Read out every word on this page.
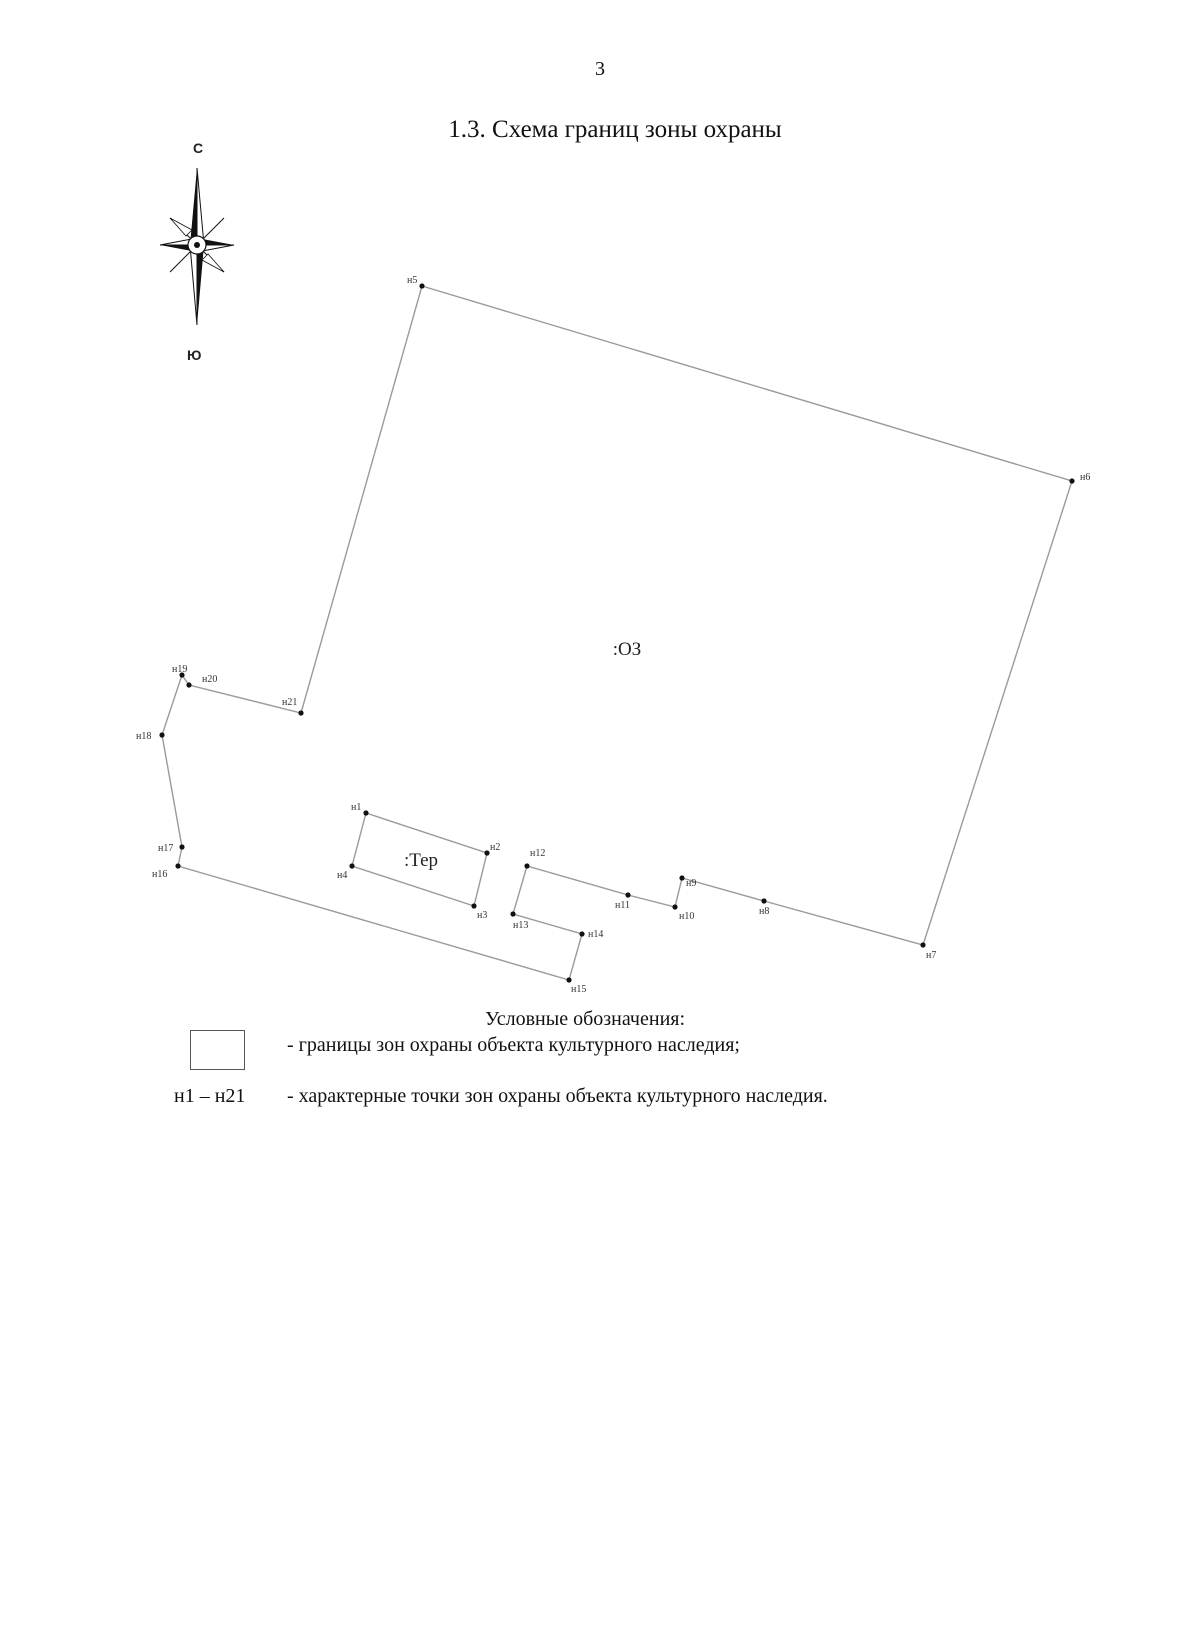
3
1.3. Схема границ зоны охраны
С
Ю
:ОЗ
:Тер
н1
н2
н3
н4
н5
н6
н7
н8
н9
н10
н11
н12
н13
н14
н15
н16
н17
н18
н19
н20
н21
Условные обозначения:
- границы зон охраны объекта культурного наследия;
н1 – н21 - характерные точки зон охраны объекта культурного наследия.
